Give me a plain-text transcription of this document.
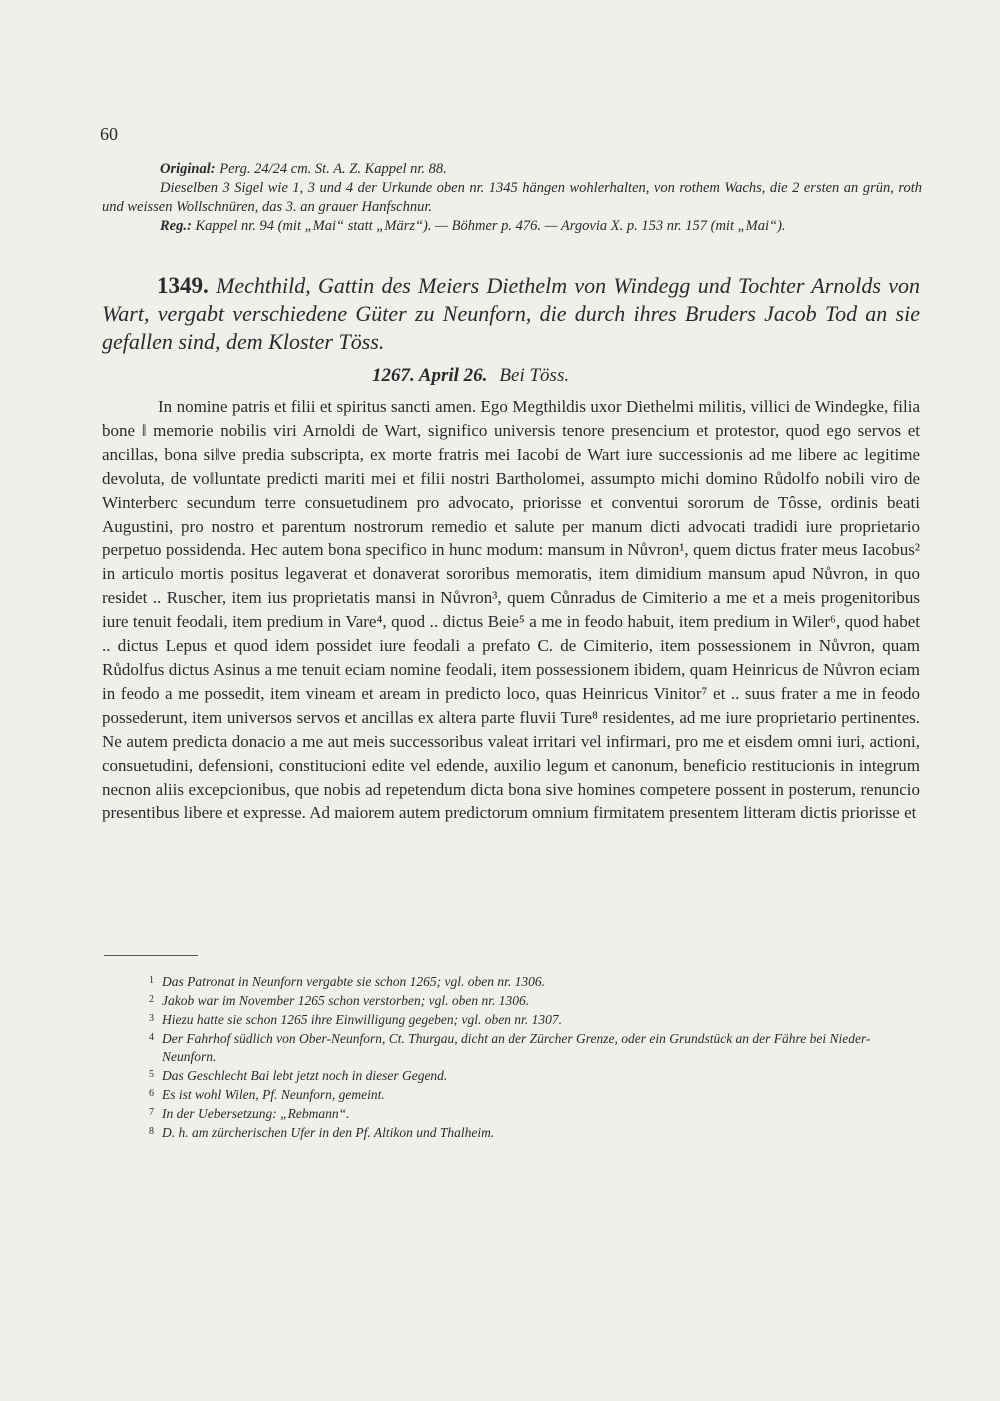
60

Original: Perg. 24/24 cm. St. A. Z. Kappel nr. 88.

Dieselben 3 Sigel wie 1, 3 und 4 der Urkunde oben nr. 1345 hängen wohlerhalten, von rothem Wachs, die 2 ersten an grün, roth und weissen Wollschnüren, das 3. an grauer Hanfschnur.

Reg.: Kappel nr. 94 (mit „Mai“ statt „März“). — Böhmer p. 476. — Argovia X. p. 153 nr. 157 (mit „Mai“).

1349. Mechthild, Gattin des Meiers Diethelm von Windegg und Tochter Arnolds von Wart, vergabt verschiedene Güter zu Neunforn, die durch ihres Bruders Jacob Tod an sie gefallen sind, dem Kloster Töss.
1267. April 26. Bei Töss.

In nomine patris et filii et spiritus sancti amen. Ego Megthildis uxor Diethelmi militis, villici de Windegke, filia bone ‖ memorie nobilis viri Arnoldi de Wart, significo universis tenore presencium et protestor, quod ego servos et ancillas, bona si‖ve predia subscripta, ex morte fratris mei Iacobi de Wart iure successionis ad me libere ac legitime devoluta, de vo‖luntate predicti mariti mei et filii nostri Bartholomei, assumpto michi domino Růdolfo nobili viro de Winterberc secundum terre consuetudinem pro advocato, priorisse et conventui sororum de Tôsse, ordinis beati Augustini, pro nostro et parentum nostrorum remedio et salute per manum dicti advocati tradidi iure proprietario perpetuo possidenda. Hec autem bona specifico in hunc modum: mansum in Nůvron¹, quem dictus frater meus Iacobus² in articulo mortis positus legaverat et donaverat sororibus memoratis, item dimidium mansum apud Nůvron, in quo residet .. Ruscher, item ius proprietatis mansi in Nůvron³, quem Cůnradus de Cimiterio a me et a meis progenitoribus iure tenuit feodali, item predium in Vare⁴, quod .. dictus Beie⁵ a me in feodo habuit, item predium in Wiler⁶, quod habet .. dictus Lepus et quod idem possidet iure feodali a prefato C. de Cimiterio, item possessionem in Nůvron, quam Růdolfus dictus Asinus a me tenuit eciam nomine feodali, item possessionem ibidem, quam Heinricus de Nůvron eciam in feodo a me possedit, item vineam et aream in predicto loco, quas Heinricus Vinitor⁷ et .. suus frater a me in feodo possederunt, item universos servos et ancillas ex altera parte fluvii Ture⁸ residentes, ad me iure proprietario pertinentes. Ne autem predicta donacio a me aut meis successoribus valeat irritari vel infirmari, pro me et eisdem omni iuri, actioni, consuetudini, defensioni, constitucioni edite vel edende, auxilio legum et canonum, beneficio restitucionis in integrum necnon aliis excepcionibus, que nobis ad repetendum dicta bona sive homines competere possent in posterum, renuncio presentibus libere et expresse. Ad maiorem autem predictorum omnium firmitatem presentem litteram dictis priorisse et

1 Das Patronat in Neunforn vergabte sie schon 1265; vgl. oben nr. 1306.

2 Jakob war im November 1265 schon verstorben; vgl. oben nr. 1306.

3 Hiezu hatte sie schon 1265 ihre Einwilligung gegeben; vgl. oben nr. 1307.

4 Der Fahrhof südlich von Ober-Neunforn, Ct. Thurgau, dicht an der Zürcher Grenze, oder ein Grundstück an der Fähre bei Nieder-Neunforn.

5 Das Geschlecht Bai lebt jetzt noch in dieser Gegend.

6 Es ist wohl Wilen, Pf. Neunforn, gemeint.

7 In der Uebersetzung: „Rebmann“.

8 D. h. am zürcherischen Ufer in den Pf. Altikon und Thalheim.
